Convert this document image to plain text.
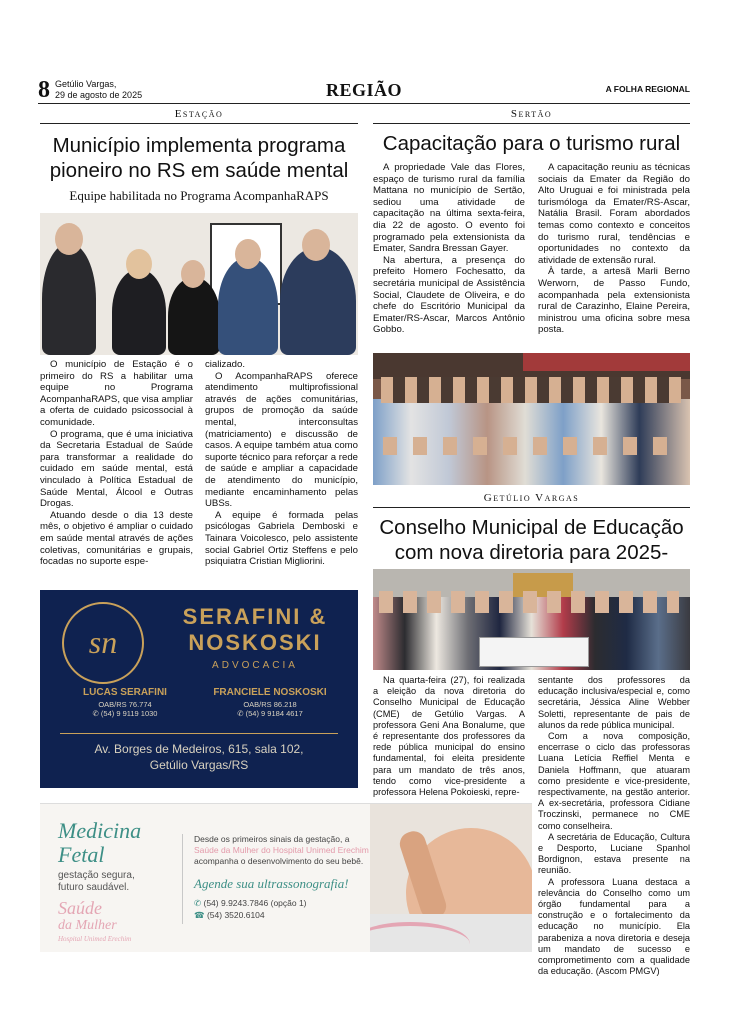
8 Getúlio Vargas,
29 de agosto de 2025	REGIÃO	A FOLHA REGIONAL
Estação
Município implementa programa pioneiro no RS em saúde mental
Equipe habilitada no Programa AcompanhaRAPS

O município de Estação é o primeiro do RS a habilitar uma equipe no Programa AcompanhaRAPS, que visa ampliar a oferta de cuidado psicossocial à comunidade.

O programa, que é uma iniciativa da Secretaria Estadual de Saúde para transformar a realidade do cuidado em saúde mental, está vinculado à Política Estadual de Saúde Mental, Álcool e Outras Drogas.

Atuando desde o dia 13 deste mês, o objetivo é ampliar o cuidado em saúde mental através de ações coletivas, comunitárias e grupais, focadas no suporte espe-

cializado.

O AcompanhaRAPS oferece atendimento multiprofissional através de ações comunitárias, grupos de promoção da saúde mental, interconsultas (matriciamento) e discussão de casos. A equipe também atua como suporte técnico para reforçar a rede de saúde e ampliar a capacidade de atendimento do município, mediante encaminhamento pelas UBSs.

A equipe é formada pelas psicólogas Gabriela Demboski e Tainara Voicolesco, pelo assistente social Gabriel Ortiz Steffens e pelo psiquiatra Cristian Migliorini.

sn
SERAFINI &
NOSKOSKI
ADVOCACIA
LUCAS SERAFINI
OAB/RS 76.774
✆ (54) 9 9119 1030
FRANCIELE NOSKOSKI
OAB/RS 86.218
✆ (54) 9 9184 4617
Av. Borges de Medeiros, 615, sala 102,
Getúlio Vargas/RS
Medicina
Fetal
gestação segura,
futuro saudável.
Saúde
da Mulher
Hospital Unimed Erechim
Desde os primeiros sinais da gestação, a
Saúde da Mulher do Hospital Unimed Erechim
acompanha o desenvolvimento do seu bebê.
Agende sua ultrassonografia!
✆ (54) 9.9243.7846 (opção 1)
☎ (54) 3520.6104
Sertão
Capacitação para o turismo rural

A propriedade Vale das Flores, espaço de turismo rural da família Mattana no município de Sertão, sediou uma atividade de capacitação na última sexta-feira, dia 22 de agosto. O evento foi programado pela extensionista da Emater, Sandra Bressan Gayer.

Na abertura, a presença do prefeito Homero Fochesatto, da secretária municipal de Assistência Social, Claudete de Oliveira, e do chefe do Escritório Municipal da Emater/RS-Ascar, Marcos Antônio Gobbo.

A capacitação reuniu as técnicas sociais da Emater da Região do Alto Uruguai e foi ministrada pela turismóloga da Emater/RS-Ascar, Natália Brasil. Foram abordados temas como contexto e conceitos do turismo rural, tendências e oportunidades no contexto da atividade de extensão rural.

À tarde, a artesã Marli Berno Werworn, de Passo Fundo, acompanhada pela extensionista rural de Carazinho, Elaine Pereira, ministrou uma oficina sobre mesa posta.

Getúlio Vargas
Conselho Municipal de Educação com nova diretoria para 2025-

Na quarta-feira (27), foi realizada a eleição da nova diretoria do Conselho Municipal de Educação (CME) de Getúlio Vargas. A professora Geni Ana Bonalume, que é representante dos professores da rede pública municipal do ensino fundamental, foi eleita presidente para um mandato de três anos, tendo como vice-presidente a professora Helena Pokoieski, repre-

sentante dos professores da educação inclusiva/especial e, como secretária, Jéssica Aline Webber Soletti, representante de pais de alunos da rede pública municipal.

Com a nova composição, encerrase o ciclo das professoras Luana Letícia Reffiel Menta e Daniela Hoffmann, que atuaram como presidente e vice-presidente, respectivamente, na gestão anterior. A ex-secretária, professora Cidiane Troczinski, permanece no CME como conselheira.

A secretária de Educação, Cultura e Desporto, Luciane Spanhol Bordignon, estava presente na reunião.

A professora Luana destaca a relevância do Conselho como um órgão fundamental para a construção e o fortalecimento da educação no município. Ela parabeniza a nova diretoria e deseja um mandato de sucesso e comprometimento com a qualidade da educação. (Ascom PMGV)
